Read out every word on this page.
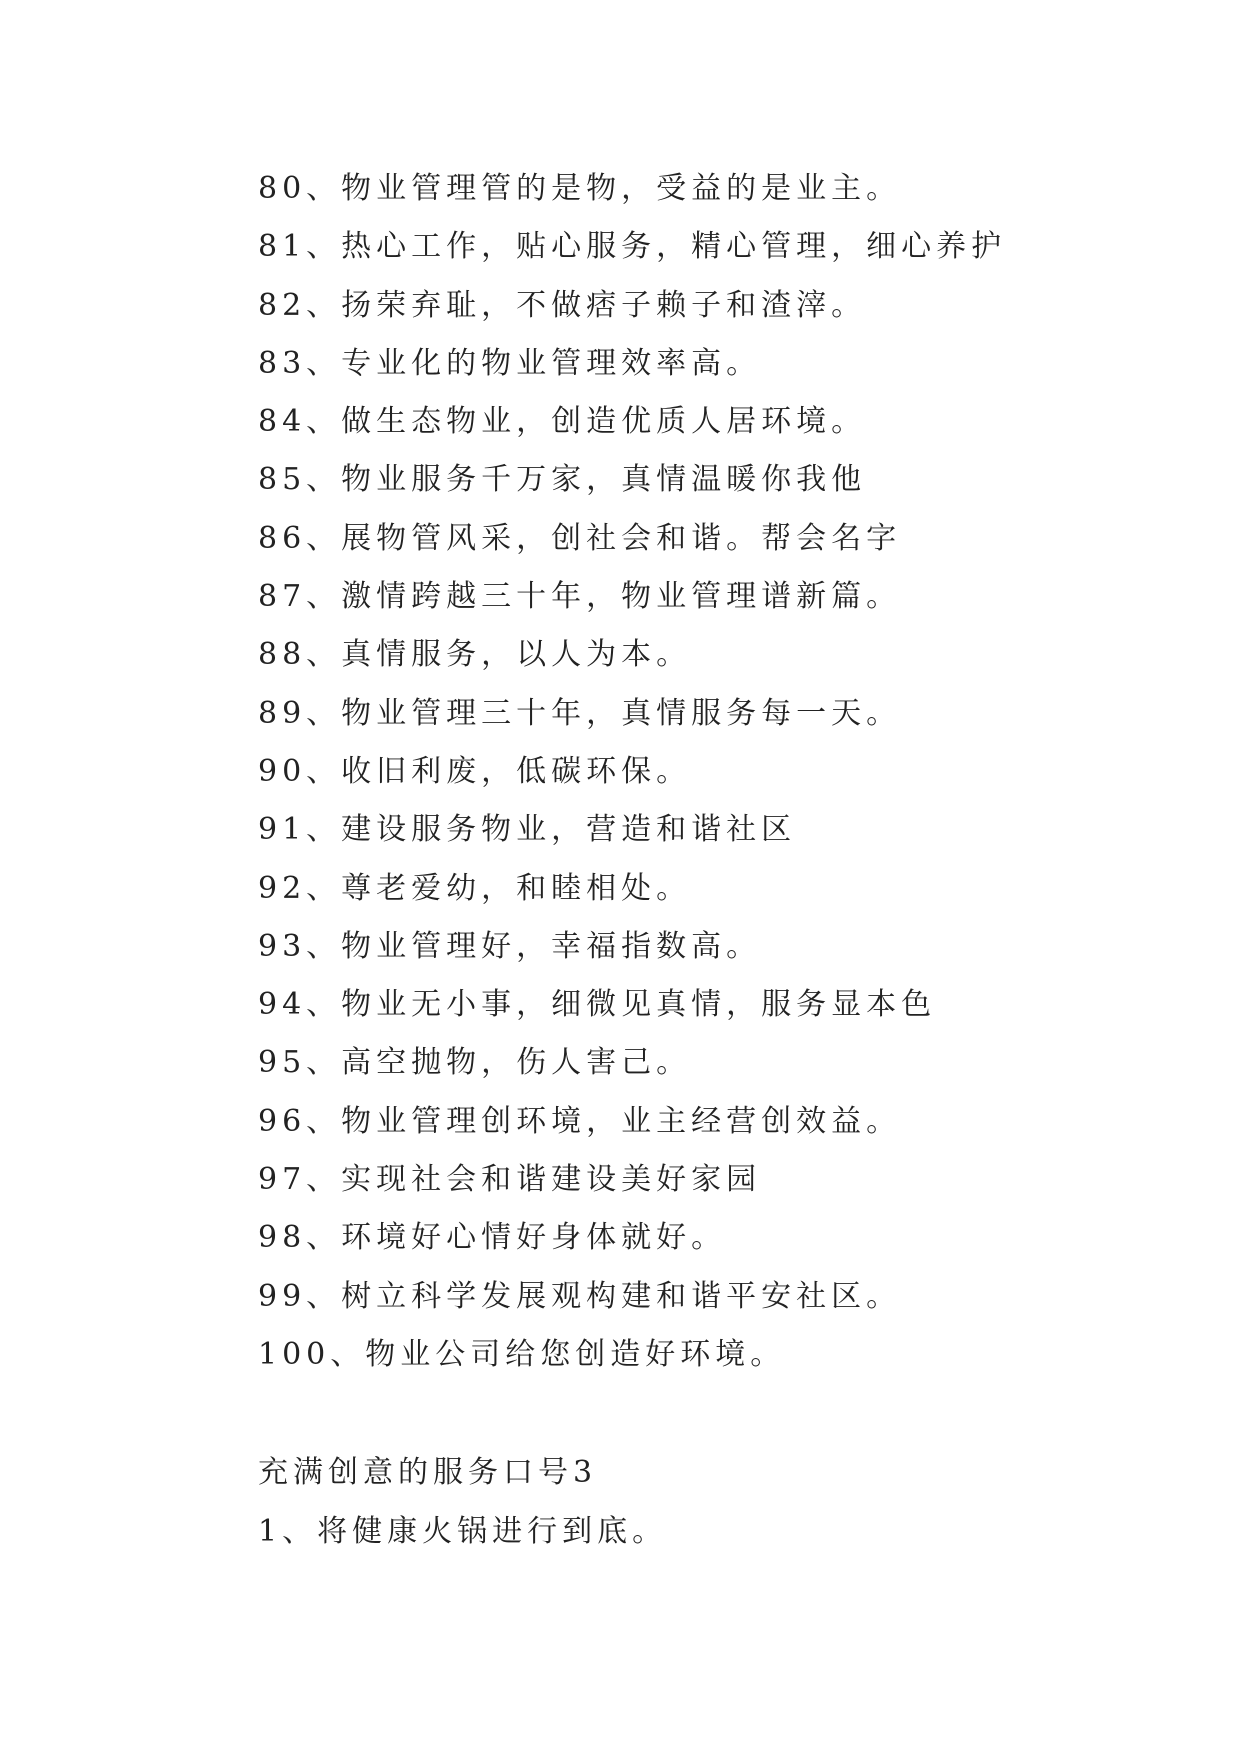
80、物业管理管的是物，受益的是业主。
81、热心工作，贴心服务，精心管理，细心养护
82、扬荣弃耻，不做痞子赖子和渣滓。
83、专业化的物业管理效率高。
84、做生态物业，创造优质人居环境。
85、物业服务千万家，真情温暖你我他
86、展物管风采，创社会和谐。帮会名字
87、激情跨越三十年，物业管理谱新篇。
88、真情服务，以人为本。
89、物业管理三十年，真情服务每一天。
90、收旧利废，低碳环保。
91、建设服务物业，营造和谐社区
92、尊老爱幼，和睦相处。
93、物业管理好，幸福指数高。
94、物业无小事，细微见真情，服务显本色
95、高空抛物，伤人害己。
96、物业管理创环境，业主经营创效益。
97、实现社会和谐建设美好家园
98、环境好心情好身体就好。
99、树立科学发展观构建和谐平安社区。
100、物业公司给您创造好环境。
充满创意的服务口号3
1、将健康火锅进行到底。
